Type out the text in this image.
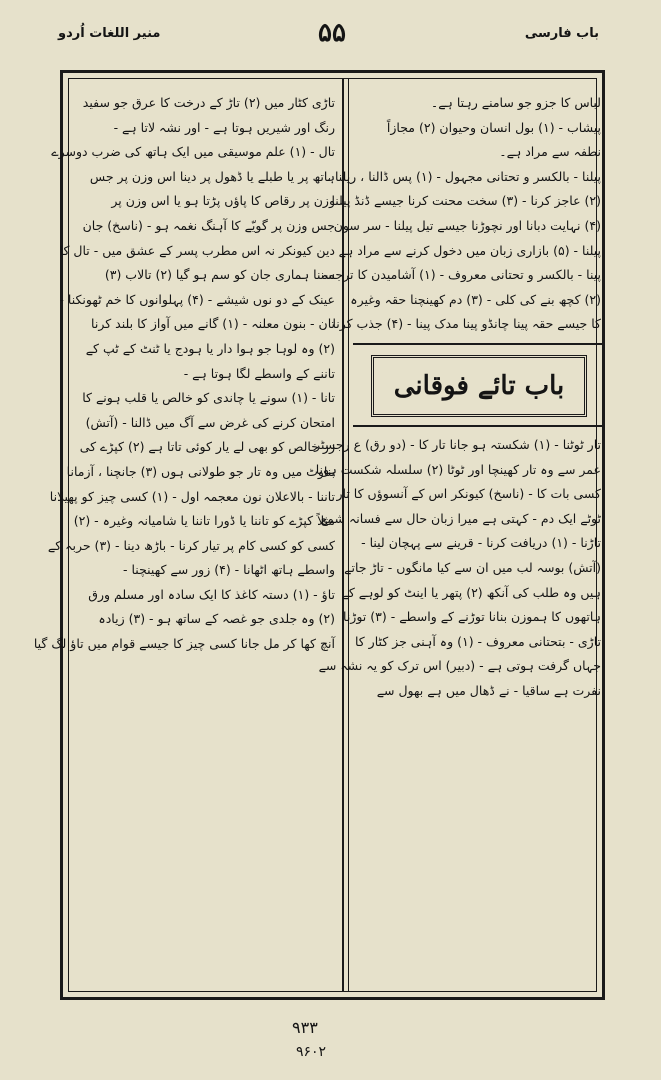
باب فارسی
۵۵
منیر اللغات اُردو
لباس کا جزو جو سامنے رہتا ہے۔
پیشاب - (۱) بول انسان وحیوان (۲) مجازاً
نطفہ سے مراد ہے۔
پیلنا - بالکسر و تحتانی مجہول - (۱) پس ڈالنا ، ریلنا ،
(۲) عاجز کرنا - (۳) سخت محنت کرنا جیسے ڈنڈ پیلنا
(۴) نہایت دبانا اور نچوڑنا جیسے تیل پیلنا - سر سون
پیلنا - (۵) بازاری زبان میں دخول کرنے سے مراد ہے
پینا - بالکسر و تحتانی معروف - (۱) آشامیدن کا ترجمہ
(۲) کچھ بنے کی کلی - (۳) دم کھینچنا حقہ وغیرہ
کا جیسے حقہ پینا چانڈو پینا مدک پینا - (۴) جذب کرنا
باب تائے فوقانی
تار ٹوٹنا - (۱) شکستہ ہو جانا تار کا - (دو رق) ع رجسٹر
عمر سے وہ تار کھینچا اور ٹوٹا (۲) سلسلہ شکست ہونا
کسی بات کا - (ناسخ) کیونکر اس کے آنسوؤں کا تار
ٹوٹے ایک دم - کہتی ہے میرا زبان حال سے فسانہ شمع
تاڑنا - (۱) دریافت کرنا - قرینے سے پہچان لینا -
(آتش) بوسہ لب میں ان سے کیا مانگوں - تاڑ جاتے
ہیں وہ طلب کی آنکھ (۲) پتھر یا اینٹ کو لوہے کے
ہاتھوں کا ہموزن بنانا توڑنے کے واسطے - (۳) توڑنا
تاڑی - بتحتانی معروف - (۱) وہ آہنی جز کٹار کا
جہاں گرفت ہوتی ہے - (دبیر) اس ترک کو یہ نشہ سے
نفرت ہے ساقیا - نے ڈھال میں ہے بھول سے
تاڑی کٹار میں (۲) تاڑ کے درخت کا عرق جو سفید
رنگ اور شیریں ہوتا ہے - اور نشہ لاتا ہے -
تال - (۱) علم موسیقی میں ایک ہاتھ کی ضرب دوسرے
ہاتھ پر یا طبلے یا ڈھول پر دینا اس وزن پر جس
وزن پر رقاص کا پاؤں پڑتا ہو یا اس وزن پر
جس وزن پر گویّے کا آہنگ نغمہ ہو - (ناسخ) جان
دین کیونکر نہ اس مطرب پسر کے عشق میں - تال کا
سننا ہماری جان کو سم ہو گیا (۲) تالاب (۳)
عینک کے دو نوں شیشے - (۴) پہلوانوں کا خم ٹھونکنا -
تان - بنون معلنہ - (۱) گانے میں آواز کا بلند کرنا
(۲) وہ لوہا جو ہوا دار یا ہودج یا ٹنٹ کے ٹپ کے
تاننے کے واسطے لگا ہوتا ہے -
تانا - (۱) سونے یا چاندی کو خالص یا قلب ہونے کا
امتحان کرنے کی غرض سے آگ میں ڈالنا - (آتش)
زر خالص کو بھی لے یار کوئی تاتا ہے (۲) کپڑے کی
بناوٹ میں وہ تار جو طولانی ہوں (۳) جانچنا ، آزمانا
تاننا - بالاعلان نون معجمہ اول - (۱) کسی چیز کو پھیلانا
مثلاً کپڑے کو تاننا یا ڈورا تاننا یا شامیانہ وغیرہ - (۲)
کسی کو کسی کام پر تیار کرنا - باڑھ دینا - (۳) حربہ کے
واسطے ہاتھ اٹھانا - (۴) زور سے کھینچنا -
تاؤ - (۱) دستہ کاغذ کا ایک سادہ اور مسلم ورق
(۲) وہ جلدی جو غصہ کے ساتھ ہو - (۳) زیادہ
آنچ کھا کر مل جانا کسی چیز کا جیسے قوام میں تاؤ لگ گیا
۹۳۳
۹۶۰۲
